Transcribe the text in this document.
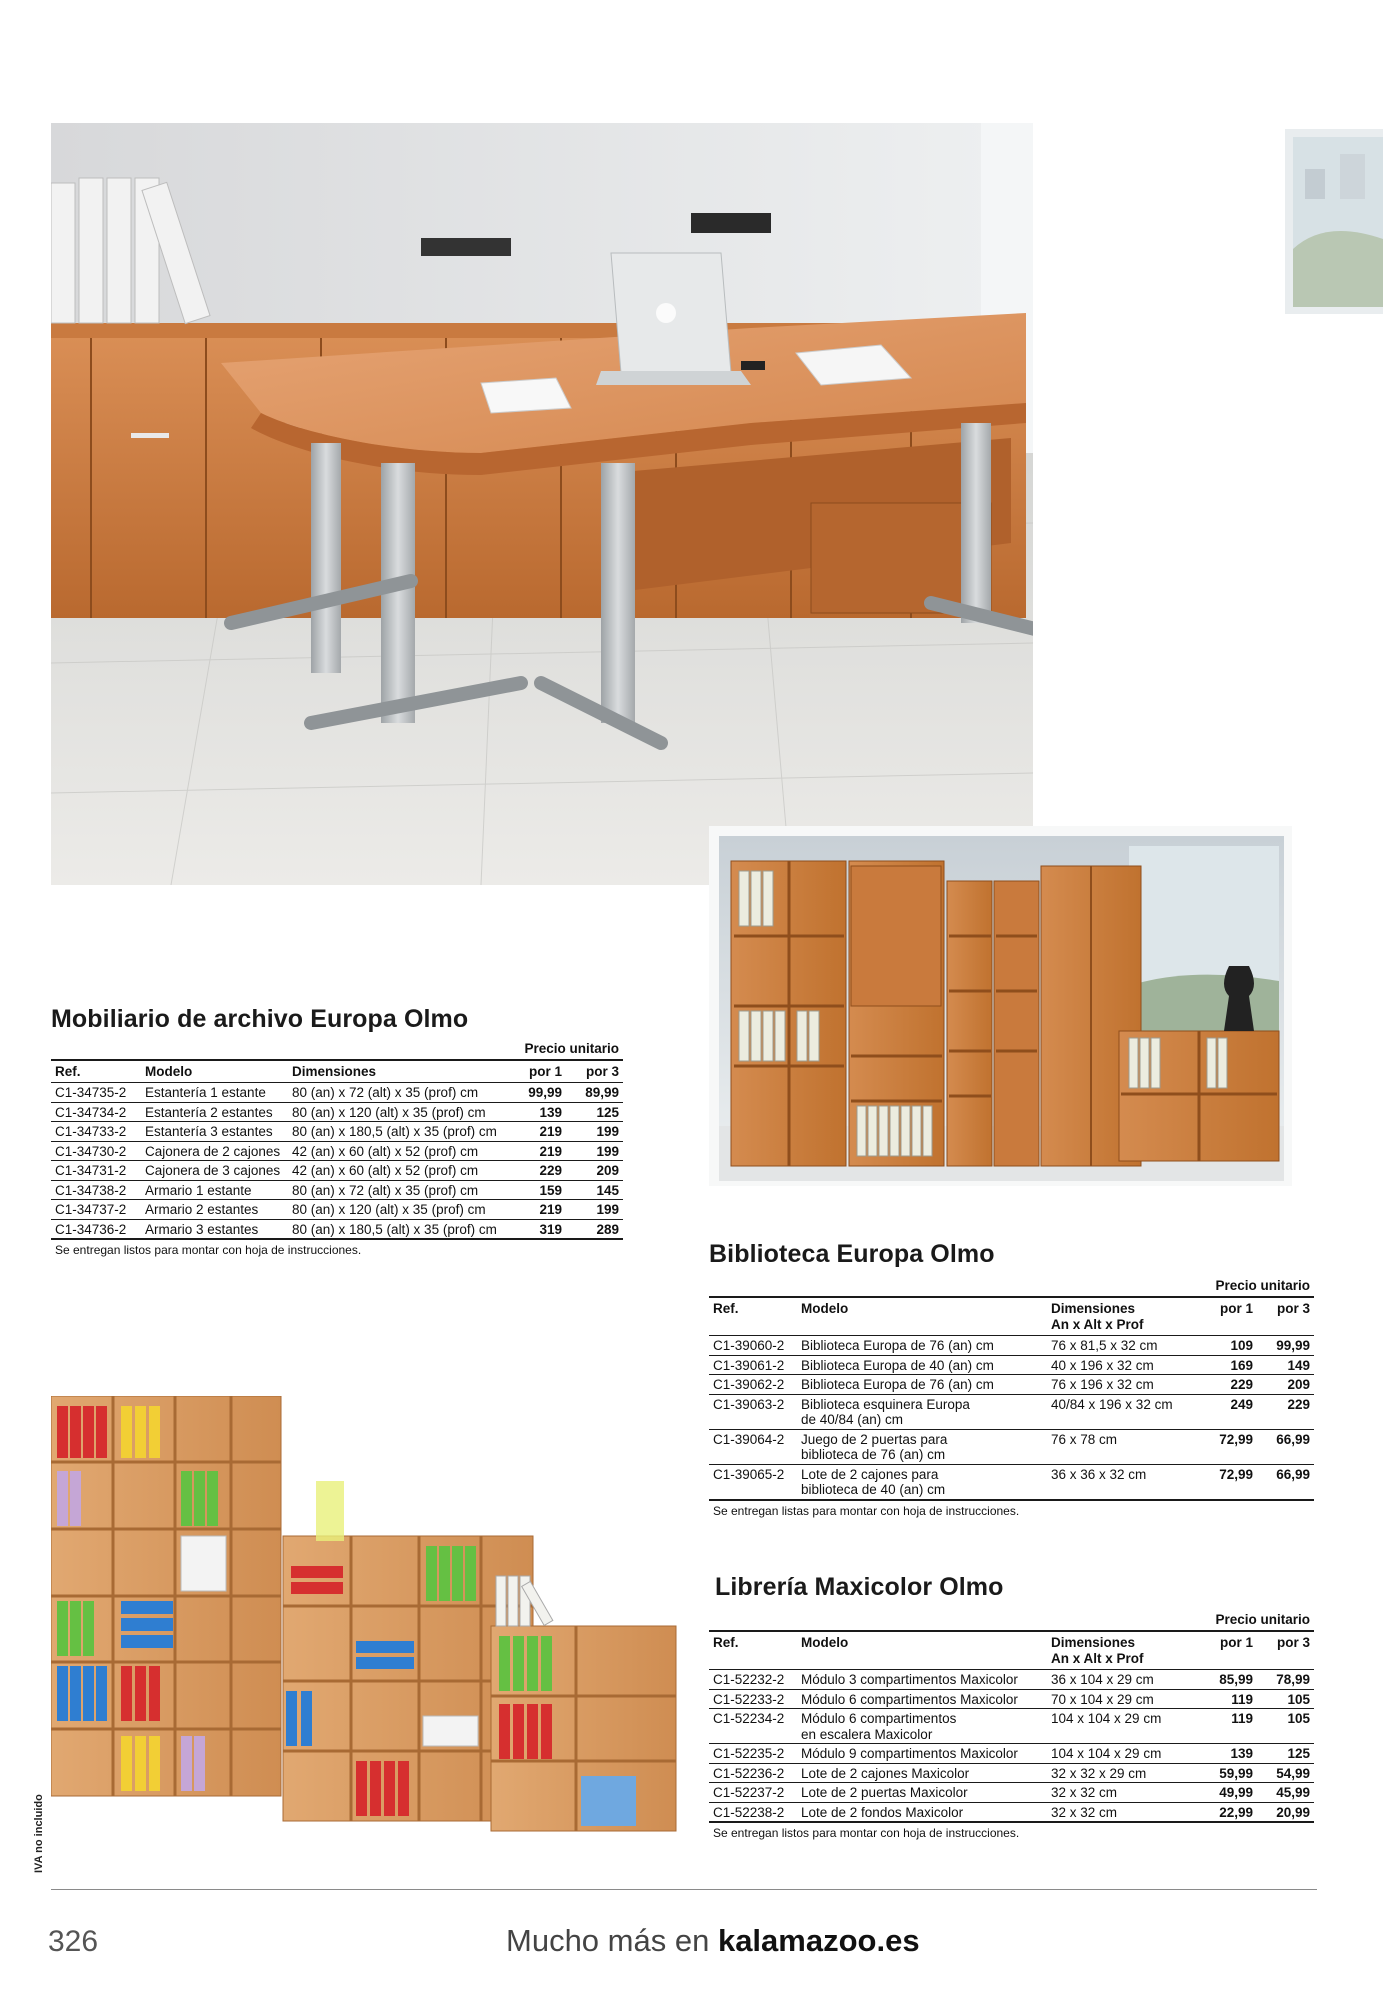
Mobiliario de archivo Europa Olmo
			Precio unitario	
Ref.	Modelo	Dimensiones	por 1	por 3
C1-34735-2	Estantería 1 estante	80 (an) x 72 (alt) x 35 (prof) cm	99,99	89,99
C1-34734-2	Estantería 2 estantes	80 (an) x 120 (alt) x 35 (prof) cm	139	125
C1-34733-2	Estantería 3 estantes	80 (an) x 180,5 (alt) x 35 (prof) cm	219	199
C1-34730-2	Cajonera de 2 cajones	42 (an) x 60 (alt) x 52 (prof) cm	219	199
C1-34731-2	Cajonera de 3 cajones	42 (an) x 60 (alt) x 52 (prof) cm	229	209
C1-34738-2	Armario 1 estante	80 (an) x 72 (alt) x 35 (prof) cm	159	145
C1-34737-2	Armario 2 estantes	80 (an) x 120 (alt) x 35 (prof) cm	219	199
C1-34736-2	Armario 3 estantes	80 (an) x 180,5 (alt) x 35 (prof) cm	319	289
Se entregan listos para montar con hoja de instrucciones.					Biblioteca Europa Olmo
			Precio unitario	
Ref.	Modelo	Dimensiones
An x Alt x Prof	por 1	por 3
C1-39060-2	Biblioteca Europa de 76 (an) cm	76 x 81,5 x 32 cm	109	99,99
C1-39061-2	Biblioteca Europa de 40 (an) cm	40 x 196 x 32 cm	169	149
C1-39062-2	Biblioteca Europa de 76 (an) cm	76 x 196 x 32 cm	229	209
C1-39063-2	Biblioteca esquinera Europa
de 40/84 (an) cm	40/84 x 196 x 32 cm	249	229
C1-39064-2	Juego de 2 puertas para
biblioteca de 76 (an) cm	76 x 78 cm	72,99	66,99
C1-39065-2	Lote de 2 cajones para
biblioteca de 40 (an) cm	36 x 36 x 32 cm	72,99	66,99
Se entregan listas para montar con hoja de instrucciones.				
Librería Maxicolor Olmo
			Precio unitario	
Ref.	Modelo	Dimensiones
An x Alt x Prof	por 1	por 3
C1-52232-2	Módulo 3 compartimentos Maxicolor	36 x 104 x 29 cm	85,99	78,99
C1-52233-2	Módulo 6 compartimentos Maxicolor	70 x 104 x 29 cm	119	105
C1-52234-2	Módulo 6 compartimentos
en escalera Maxicolor	104 x 104 x 29 cm	119	105
C1-52235-2	Módulo 9 compartimentos Maxicolor	104 x 104 x 29 cm	139	125
C1-52236-2	Lote de 2 cajones Maxicolor	32 x 32 x 29 cm	59,99	54,99
C1-52237-2	Lote de 2 puertas Maxicolor	32 x 32 cm	49,99	45,99
C1-52238-2	Lote de 2 fondos Maxicolor	32 x 32 cm	22,99	20,99
Se entregan listos para montar con hoja de instrucciones.				
IVA no incluido
326	Mucho más en kalamazoo.es
